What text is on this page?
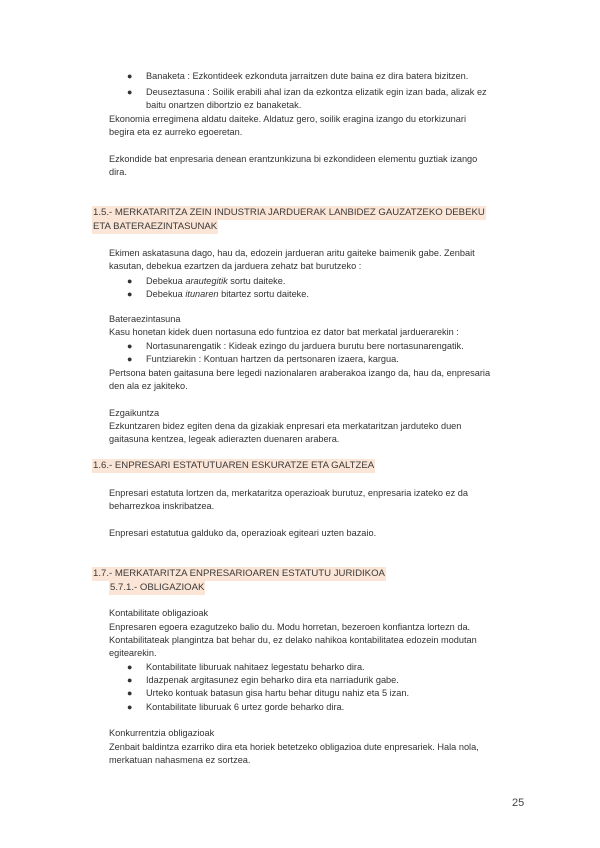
● Banaketa : Ezkontideek ezkonduta jarraitzen dute baina ez dira batera bizitzen.
● Deuseztasuna : Soilik erabili ahal izan da ezkontza elizatik egin izan bada, alizak ez
baitu onartzen dibortzio ez banaketak.
Ekonomia erregimena aldatu daiteke. Aldatuz gero, soilik eragina izango du etorkizunari
begira eta ez aurreko egoeretan.
Ezkondide bat enpresaria denean erantzunkizuna bi ezkondideen elementu guztiak izango
dira.
1.5.- MERKATARITZA ZEIN INDUSTRIA JARDUERAK LANBIDEZ GAUZATZEKO DEBEKU
ETA BATERAEZINTASUNAK
Ekimen askatasuna dago, hau da, edozein jardueran aritu gaiteke baimenik gabe. Zenbait
kasutan, debekua ezartzen da jarduera zehatz bat burutzeko :
● Debekua arautegitik sortu daiteke.
● Debekua itunaren bitartez sortu daiteke.
Bateraezintasuna
Kasu honetan kidek duen nortasuna edo funtzioa ez dator bat merkatal jarduerarekin :
● Nortasunarengatik : Kideak ezingo du jarduera burutu bere nortasunarengatik.
● Funtziarekin : Kontuan hartzen da pertsonaren izaera, kargua.
Pertsona baten gaitasuna bere legedi nazionalaren araberakoa izango da, hau da, enpresaria
den ala ez jakiteko.
Ezgaikuntza
Ezkuntzaren bidez egiten dena da gizakiak enpresari eta merkataritzan jarduteko duen
gaitasuna kentzea, legeak adierazten duenaren arabera.
1.6.- ENPRESARI ESTATUTUAREN ESKURATZE ETA GALTZEA
Enpresari estatuta lortzen da, merkataritza operazioak burutuz, enpresaria izateko ez da
beharrezkoa inskribatzea.
Enpresari estatutua galduko da, operazioak egiteari uzten bazaio.
1.7.- MERKATARITZA ENPRESARIOAREN ESTATUTU JURIDIKOA
5.7.1.- OBLIGAZIOAK
Kontabilitate obligazioak
Enpresaren egoera ezagutzeko balio du. Modu horretan, bezeroen konfiantza lortezn da.
Kontabilitateak plangintza bat behar du, ez delako nahikoa kontabilitatea edozein modutan
egitearekin.
● Kontabilitate liburuak nahitaez legestatu beharko dira.
● Idazpenak argitasunez egin beharko dira eta narriadurik gabe.
● Urteko kontuak batasun gisa hartu behar ditugu nahiz eta 5 izan.
● Kontabilitate liburuak 6 urtez gorde beharko dira.
Konkurrentzia obligazioak
Zenbait baldintza ezarriko dira eta horiek betetzeko obligazioa dute enpresariek. Hala nola,
merkatuan nahasmena ez sortzea.
25
